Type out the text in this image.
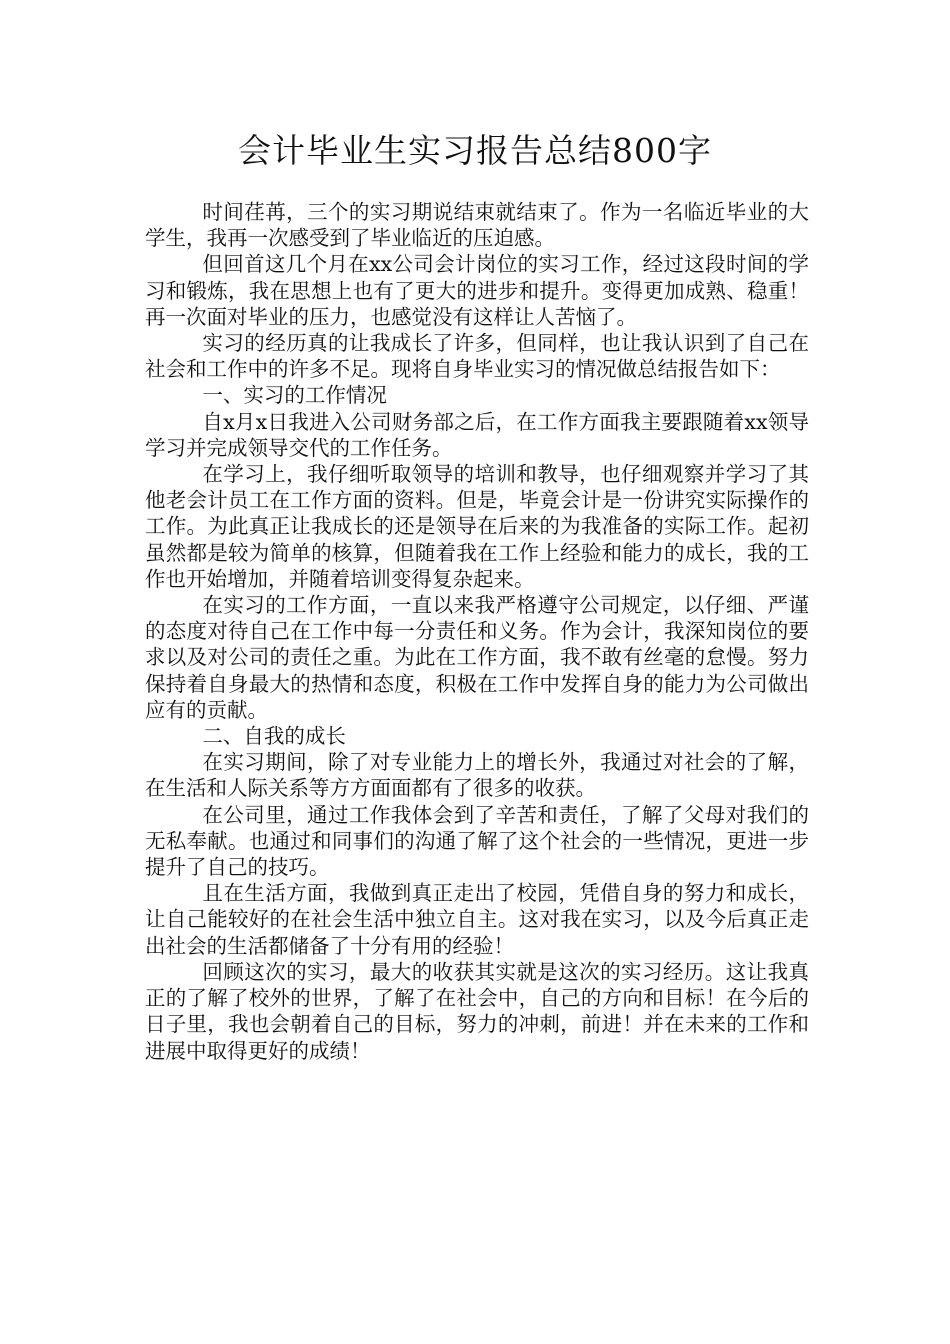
会计毕业生实习报告总结800字

时间荏苒，三个的实习期说结束就结束了。作为一名临近毕业的大学生，我再一次感受到了毕业临近的压迫感。

但回首这几个月在xx公司会计岗位的实习工作，经过这段时间的学习和锻炼，我在思想上也有了更大的进步和提升。变得更加成熟、稳重！再一次面对毕业的压力，也感觉没有这样让人苦恼了。

实习的经历真的让我成长了许多，但同样，也让我认识到了自己在社会和工作中的许多不足。现将自身毕业实习的情况做总结报告如下：

一、实习的工作情况

自x月x日我进入公司财务部之后，在工作方面我主要跟随着xx领导学习并完成领导交代的工作任务。

在学习上，我仔细听取领导的培训和教导，也仔细观察并学习了其他老会计员工在工作方面的资料。但是，毕竟会计是一份讲究实际操作的工作。为此真正让我成长的还是领导在后来的为我准备的实际工作。起初虽然都是较为简单的核算，但随着我在工作上经验和能力的成长，我的工作也开始增加，并随着培训变得复杂起来。

在实习的工作方面，一直以来我严格遵守公司规定，以仔细、严谨的态度对待自己在工作中每一分责任和义务。作为会计，我深知岗位的要求以及对公司的责任之重。为此在工作方面，我不敢有丝毫的怠慢。努力保持着自身最大的热情和态度，积极在工作中发挥自身的能力为公司做出应有的贡献。

二、自我的成长

在实习期间，除了对专业能力上的增长外，我通过对社会的了解，在生活和人际关系等方方面面都有了很多的收获。

在公司里，通过工作我体会到了辛苦和责任，了解了父母对我们的无私奉献。也通过和同事们的沟通了解了这个社会的一些情况，更进一步提升了自己的技巧。

且在生活方面，我做到真正走出了校园，凭借自身的努力和成长，让自己能较好的在社会生活中独立自主。这对我在实习，以及今后真正走出社会的生活都储备了十分有用的经验！

回顾这次的实习，最大的收获其实就是这次的实习经历。这让我真正的了解了校外的世界，了解了在社会中，自己的方向和目标！在今后的日子里，我也会朝着自己的目标，努力的冲刺，前进！并在未来的工作和进展中取得更好的成绩！
